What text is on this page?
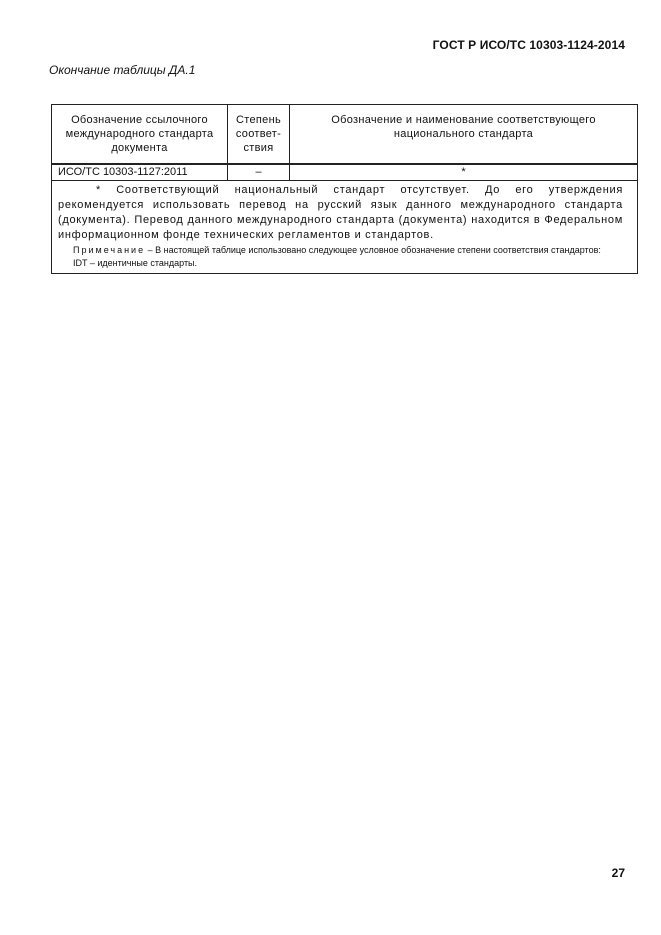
ГОСТ Р ИСО/ТС 10303-1124-2014
Окончание таблицы ДА.1
Обозначение ссылочного международного стандарта документа	Степень соответ-ствия	Обозначение и наименование соответствующего национального стандарта
ИСО/ТС 10303-1127:2011	–	*

* Соответствующий национальный стандарт отсутствует. До его утверждения рекомендуется использовать перевод на русский язык данного международного стандарта (документа). Перевод данного международного стандарта (документа) находится в Федеральном информационном фонде технических регламентов и стандартов.

Примечание – В настоящей таблице использовано следующее условное обозначение степени соответствия стандартов:

IDT – идентичные стандарты.		

27
